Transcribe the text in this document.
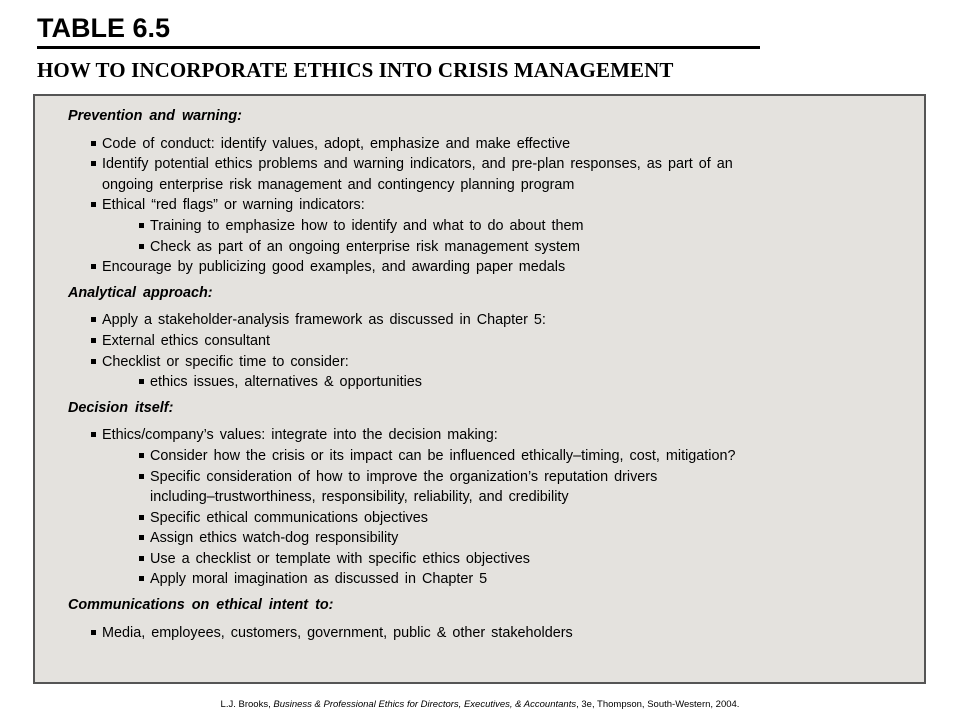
TABLE 6.5
HOW TO INCORPORATE ETHICS INTO CRISIS MANAGEMENT
Prevention and warning:
Code of conduct: identify values, adopt, emphasize and make effective
Identify potential ethics problems and warning indicators, and pre-plan responses, as part of an
ongoing enterprise risk management and contingency planning program
Ethical “red flags” or warning indicators:
Training to emphasize how to identify and what to do about them
Check as part of an ongoing enterprise risk management system
Encourage by publicizing good examples, and awarding paper medals
Analytical approach:
Apply a stakeholder-analysis framework as discussed in Chapter 5:
External ethics consultant
Checklist or specific time to consider:
ethics issues, alternatives & opportunities
Decision itself:
Ethics/company’s values: integrate into the decision making:
Consider how the crisis or its impact can be influenced ethically–timing, cost, mitigation?
Specific consideration of how to improve the organization’s reputation drivers
including–trustworthiness, responsibility, reliability, and credibility
Specific ethical communications objectives
Assign ethics watch-dog responsibility
Use a checklist or template with specific ethics objectives
Apply moral imagination as discussed in Chapter 5
Communications on ethical intent to:
Media, employees, customers, government, public & other stakeholders
L.J. Brooks, Business & Professional Ethics for Directors, Executives, & Accountants, 3e, Thompson, South-Western, 2004.
